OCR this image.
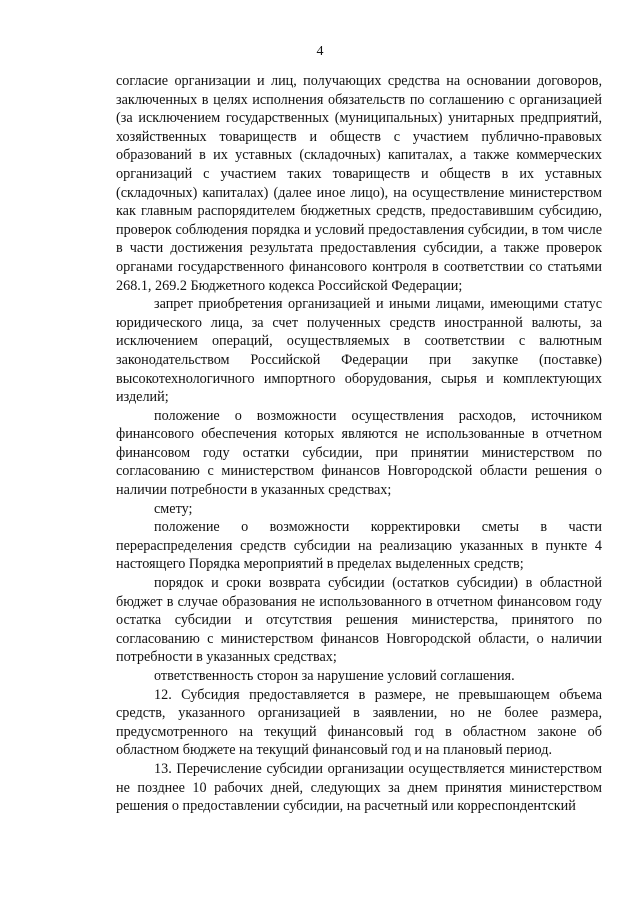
4

согласие организации и лиц, получающих средства на основании договоров, заключенных в целях исполнения обязательств по соглашению с организацией (за исключением государственных (муниципальных) унитарных предприятий, хозяйственных товариществ и обществ с участием публично-правовых образований в их уставных (складочных) капиталах, а также коммерческих организаций с участием таких товариществ и обществ в их уставных (складочных) капиталах) (далее иное лицо), на осуществление министерством как главным распорядителем бюджетных средств, предоставившим субсидию, проверок соблюдения порядка и условий предоставления субсидии, в том числе в части достижения результата предоставления субсидии, а также проверок органами государственного финансового контроля в соответствии со статьями 268.1, 269.2 Бюджетного кодекса Российской Федерации;

запрет приобретения организацией и иными лицами, имеющими статус юридического лица, за счет полученных средств иностранной валюты, за исключением операций, осуществляемых в соответствии с валютным законодательством Российской Федерации при закупке (поставке) высокотехнологичного импортного оборудования, сырья и комплектующих изделий;

положение о возможности осуществления расходов, источником финансового обеспечения которых являются не использованные в отчетном финансовом году остатки субсидии, при принятии министерством по согласованию с министерством финансов Новгородской области решения о наличии потребности в указанных средствах;

смету;

положение о возможности корректировки сметы в части перераспределения средств субсидии на реализацию указанных в пункте 4 настоящего Порядка мероприятий в пределах выделенных средств;

порядок и сроки возврата субсидии (остатков субсидии) в областной бюджет в случае образования не использованного в отчетном финансовом году остатка субсидии и отсутствия решения министерства, принятого по согласованию с министерством финансов Новгородской области, о наличии потребности в указанных средствах;

ответственность сторон за нарушение условий соглашения.

12. Субсидия предоставляется в размере, не превышающем объема средств, указанного организацией в заявлении, но не более размера, предусмотренного на текущий финансовый год в областном законе об областном бюджете на текущий финансовый год и на плановый период.

13. Перечисление субсидии организации осуществляется министерством не позднее 10 рабочих дней, следующих за днем принятия министерством решения о предоставлении субсидии, на расчетный или корреспондентский
